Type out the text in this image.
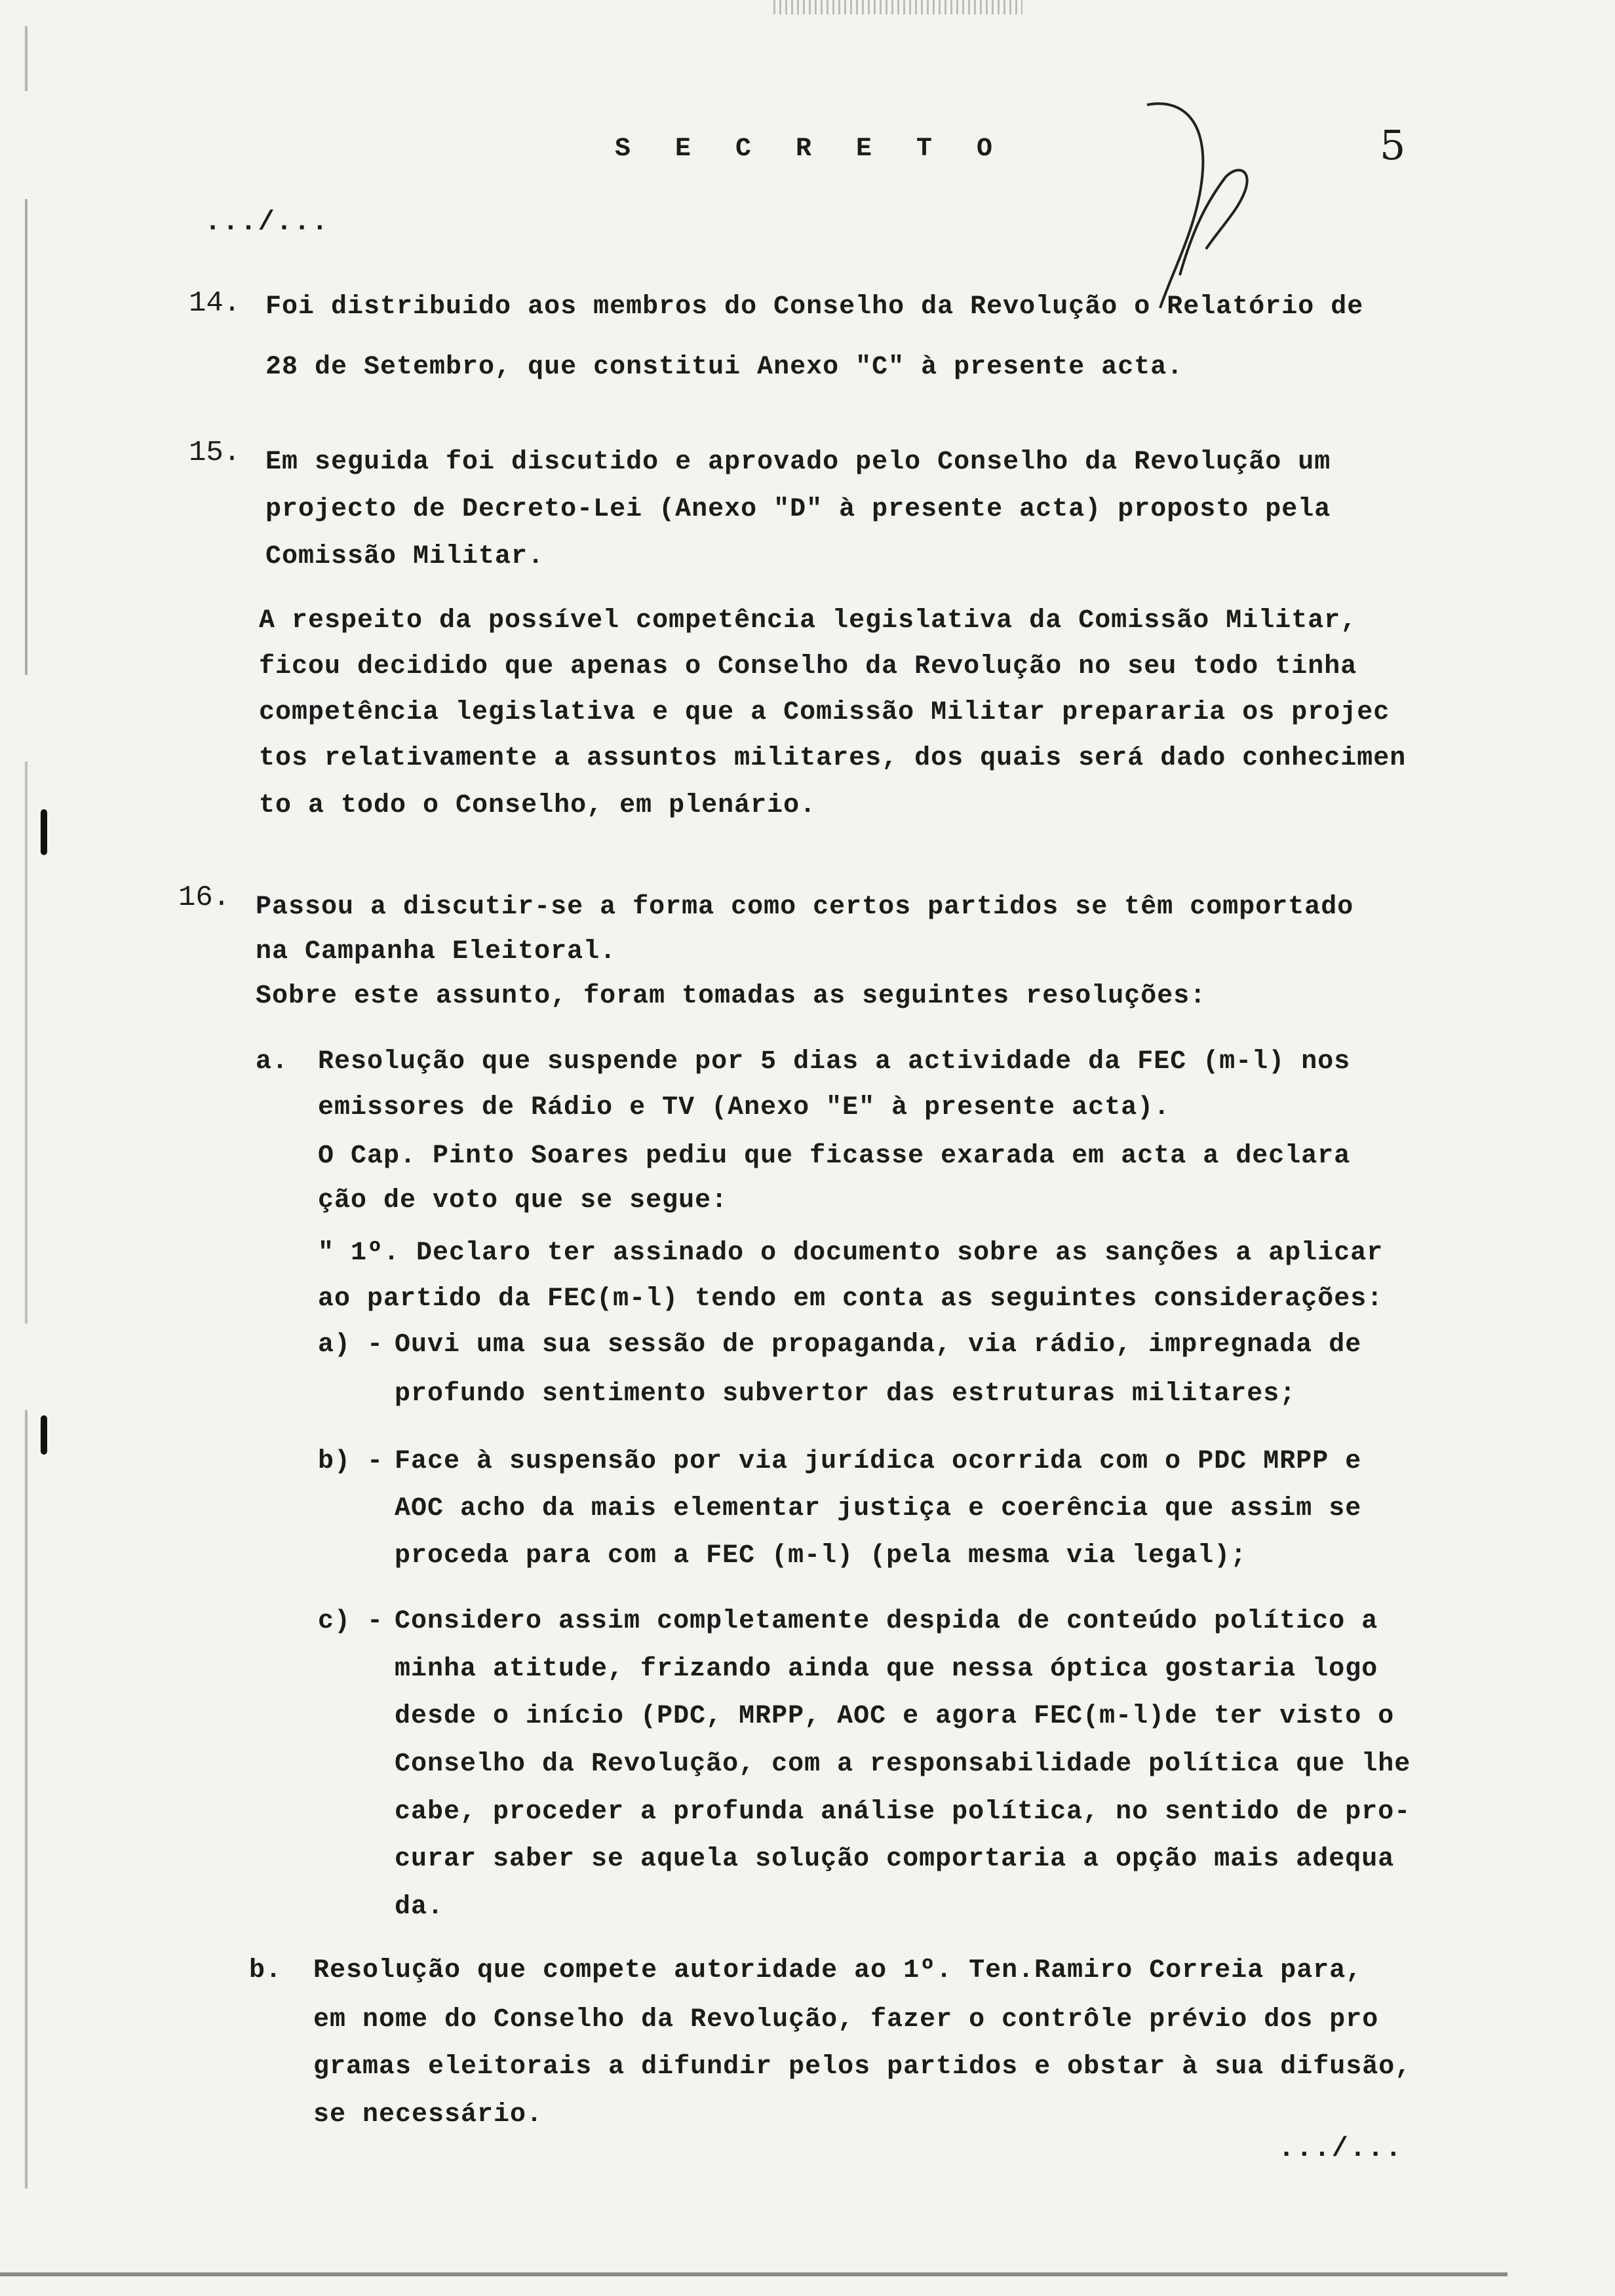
S E C R E T O	5
.../...
14. Foi distribuido aos membros do Conselho da Revolução o Relatório de
28 de Setembro, que constitui Anexo "C" à presente acta.
15. Em seguida foi discutido e aprovado pelo Conselho da Revolução um
projecto de Decreto-Lei (Anexo "D" à presente acta) proposto pela
Comissão Militar.
A respeito da possível competência legislativa da Comissão Militar,
ficou decidido que apenas o Conselho da Revolução no seu todo tinha
competência legislativa e que a Comissão Militar prepararia os projec
tos relativamente a assuntos militares, dos quais será dado conhecimen
to a todo o Conselho, em plenário.
16. Passou a discutir-se a forma como certos partidos se têm comportado
na Campanha Eleitoral.
Sobre este assunto, foram tomadas as seguintes resoluções:
a. Resolução que suspende por 5 dias a actividade da FEC (m-l) nos
emissores de Rádio e TV (Anexo "E" à presente acta).
O Cap. Pinto Soares pediu que ficasse exarada em acta a declara
ção de voto que se segue:
" 1º. Declaro ter assinado o documento sobre as sanções a aplicar
ao partido da FEC(m-l) tendo em conta as seguintes considerações:
a) - Ouvi uma sua sessão de propaganda, via rádio, impregnada de
profundo sentimento subvertor das estruturas militares;
b) - Face à suspensão por via jurídica ocorrida com o PDC MRPP e
AOC acho da mais elementar justiça e coerência que assim se
proceda para com a FEC (m-l) (pela mesma via legal);
c) - Considero assim completamente despida de conteúdo político a
minha atitude, frizando ainda que nessa óptica gostaria logo
desde o início (PDC, MRPP, AOC e agora FEC(m-l)de ter visto o
Conselho da Revolução, com a responsabilidade política que lhe
cabe, proceder a profunda análise política, no sentido de pro-
curar saber se aquela solução comportaria a opção mais adequa
da.
b. Resolução que compete autoridade ao 1º. Ten.Ramiro Correia para,
em nome do Conselho da Revolução, fazer o contrôle prévio dos pro
gramas eleitorais a difundir pelos partidos e obstar à sua difusão,
se necessário.
.../...
